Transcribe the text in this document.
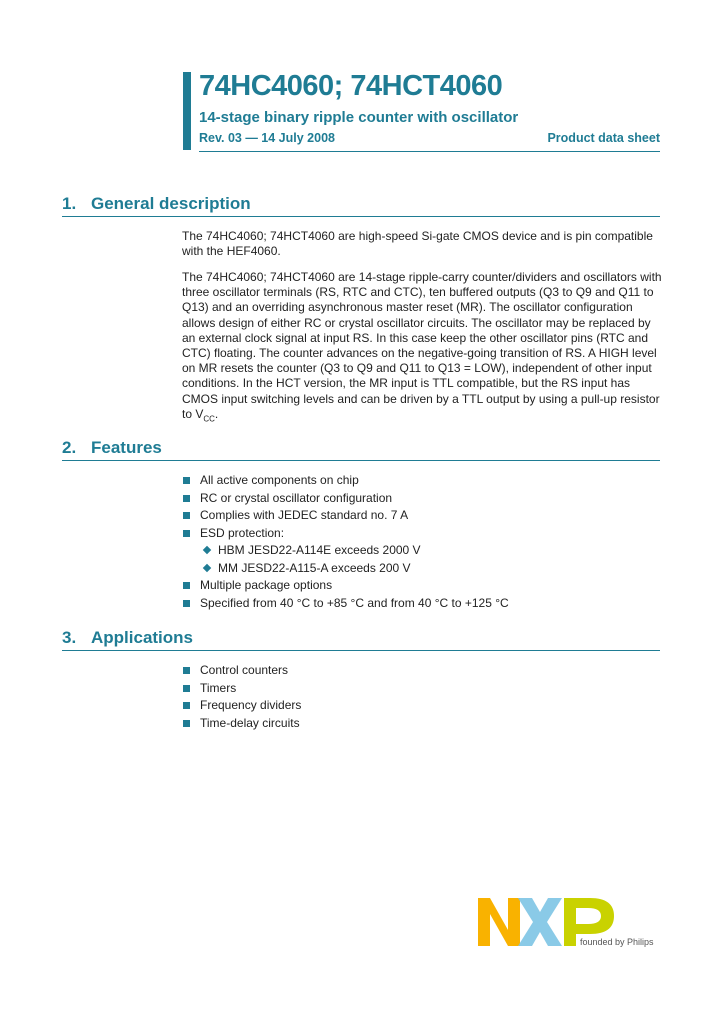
74HC4060; 74HCT4060
14-stage binary ripple counter with oscillator
Rev. 03 — 14 July 2008	Product data sheet
1. General description

The 74HC4060; 74HCT4060 are high-speed Si-gate CMOS device and is pin compatible with the HEF4060.

The 74HC4060; 74HCT4060 are 14-stage ripple-carry counter/dividers and oscillators with three oscillator terminals (RS, RTC and CTC), ten buffered outputs (Q3 to Q9 and Q11 to Q13) and an overriding asynchronous master reset (MR). The oscillator configuration allows design of either RC or crystal oscillator circuits. The oscillator may be replaced by an external clock signal at input RS. In this case keep the other oscillator pins (RTC and CTC) floating. The counter advances on the negative-going transition of RS. A HIGH level on MR resets the counter (Q3 to Q9 and Q11 to Q13 = LOW), independent of other input conditions. In the HCT version, the MR input is TTL compatible, but the RS input has CMOS input switching levels and can be driven by a TTL output by using a pull-up resistor to $V_{CC}$.

2. Features
All active components on chip
RC or crystal oscillator configuration
Complies with JEDEC standard no. 7 A
ESD protection:
HBM JESD22-A114E exceeds 2000 V
MM JESD22-A115-A exceeds 200 V
Multiple package options
Specified from 40 °C to +85 °C and from 40 °C to +125 °C
3. Applications
Control counters
Timers
Frequency dividers
Time-delay circuits
founded by Philips
